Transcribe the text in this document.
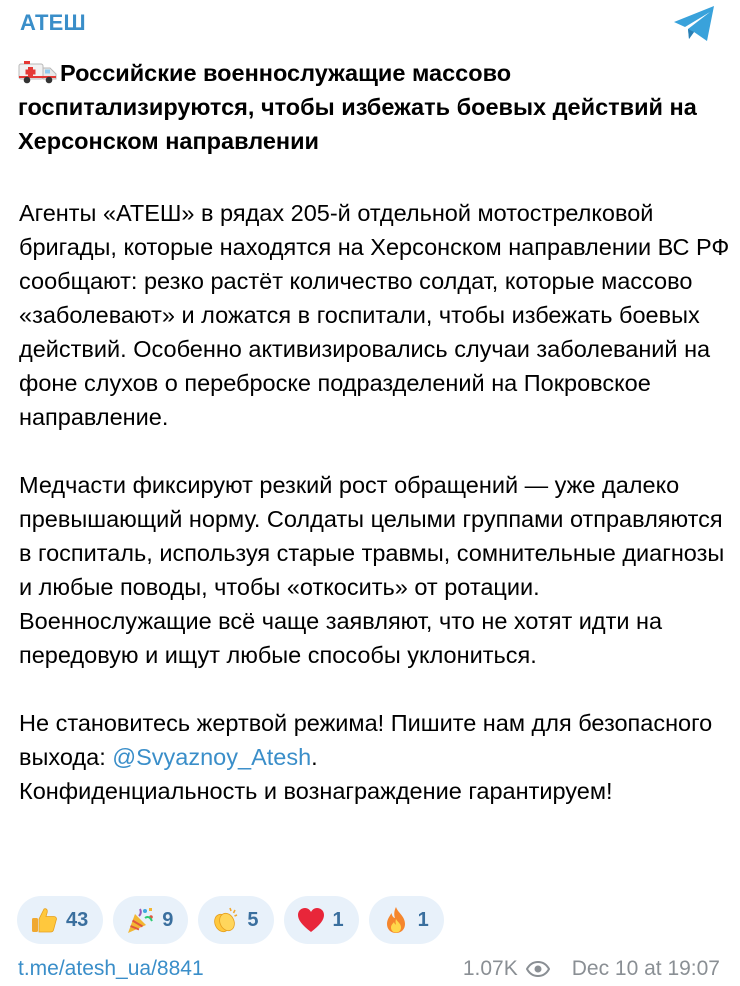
АТЕШ
Российские военнослужащие массово госпитализируются, чтобы избежать боевых действий на Херсонском направлении

Агенты «АТЕШ» в рядах 205-й отдельной мотострелковой бригады, которые находятся на Херсонском направлении ВС РФ сообщают: резко растёт количество солдат, которые массово «заболевают» и ложатся в госпитали, чтобы избежать боевых действий. Особенно активизировались случаи заболеваний на фоне слухов о переброске подразделений на Покровское направление.

Медчасти фиксируют резкий рост обращений — уже далеко превышающий норму. Солдаты целыми группами отправляются в госпиталь, используя старые травмы, сомнительные диагнозы и любые поводы, чтобы «откосить» от ротации. Военнослужащие всё чаще заявляют, что не хотят идти на передовую и ищут любые способы уклониться.

Не становитесь жертвой режима! Пишите нам для безопасного выхода: @Svyaznoy_Atesh.
Конфиденциальность и вознаграждение гарантируем!

43	9	5	1	1
t.me/atesh_ua/8841	1.07K	Dec 10 at 19:07
